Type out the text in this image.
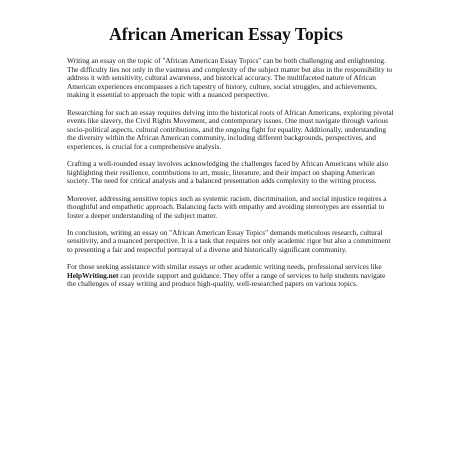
African American Essay Topics

Writing an essay on the topic of "African American Essay Topics" can be both challenging and enlightening. The difficulty lies not only in the vastness and complexity of the subject matter but also in the responsibility to address it with sensitivity, cultural awareness, and historical accuracy. The multifaceted nature of African American experiences encompasses a rich tapestry of history, culture, social struggles, and achievements, making it essential to approach the topic with a nuanced perspective.

Researching for such an essay requires delving into the historical roots of African Americans, exploring pivotal events like slavery, the Civil Rights Movement, and contemporary issues. One must navigate through various socio-political aspects, cultural contributions, and the ongoing fight for equality. Additionally, understanding the diversity within the African American community, including different backgrounds, perspectives, and experiences, is crucial for a comprehensive analysis.

Crafting a well-rounded essay involves acknowledging the challenges faced by African Americans while also highlighting their resilience, contributions to art, music, literature, and their impact on shaping American society. The need for critical analysis and a balanced presentation adds complexity to the writing process.

Moreover, addressing sensitive topics such as systemic racism, discrimination, and social injustice requires a thoughtful and empathetic approach. Balancing facts with empathy and avoiding stereotypes are essential to foster a deeper understanding of the subject matter.

In conclusion, writing an essay on "African American Essay Topics" demands meticulous research, cultural sensitivity, and a nuanced perspective. It is a task that requires not only academic rigor but also a commitment to presenting a fair and respectful portrayal of a diverse and historically significant community.

For those seeking assistance with similar essays or other academic writing needs, professional services like HelpWriting.net can provide support and guidance. They offer a range of services to help students navigate the challenges of essay writing and produce high-quality, well-researched papers on various topics.
